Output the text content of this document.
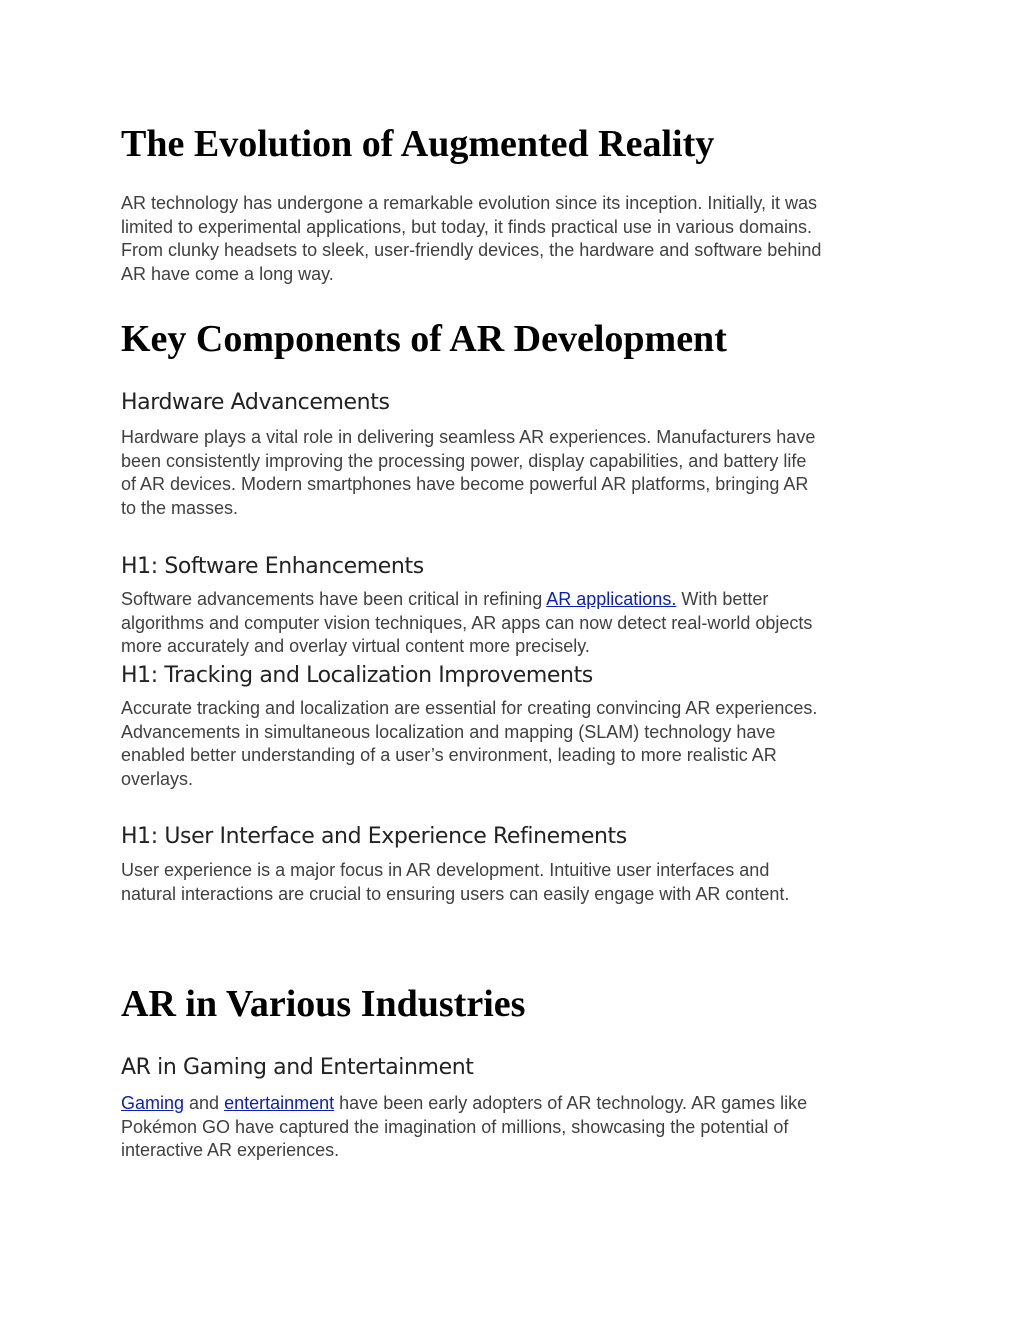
The Evolution of Augmented Reality

AR technology has undergone a remarkable evolution since its inception. Initially, it was
limited to experimental applications, but today, it finds practical use in various domains.
From clunky headsets to sleek, user-friendly devices, the hardware and software behind
AR have come a long way.

Key Components of AR Development
Hardware Advancements

Hardware plays a vital role in delivering seamless AR experiences. Manufacturers have
been consistently improving the processing power, display capabilities, and battery life
of AR devices. Modern smartphones have become powerful AR platforms, bringing AR
to the masses.

H1: Software Enhancements

Software advancements have been critical in refining AR applications. With better
algorithms and computer vision techniques, AR apps can now detect real-world objects
more accurately and overlay virtual content more precisely.

H1: Tracking and Localization Improvements

Accurate tracking and localization are essential for creating convincing AR experiences.
Advancements in simultaneous localization and mapping (SLAM) technology have
enabled better understanding of a user’s environment, leading to more realistic AR
overlays.

H1: User Interface and Experience Refinements

User experience is a major focus in AR development. Intuitive user interfaces and
natural interactions are crucial to ensuring users can easily engage with AR content.

AR in Various Industries
AR in Gaming and Entertainment

Gaming and entertainment have been early adopters of AR technology. AR games like
Pokémon GO have captured the imagination of millions, showcasing the potential of
interactive AR experiences.
